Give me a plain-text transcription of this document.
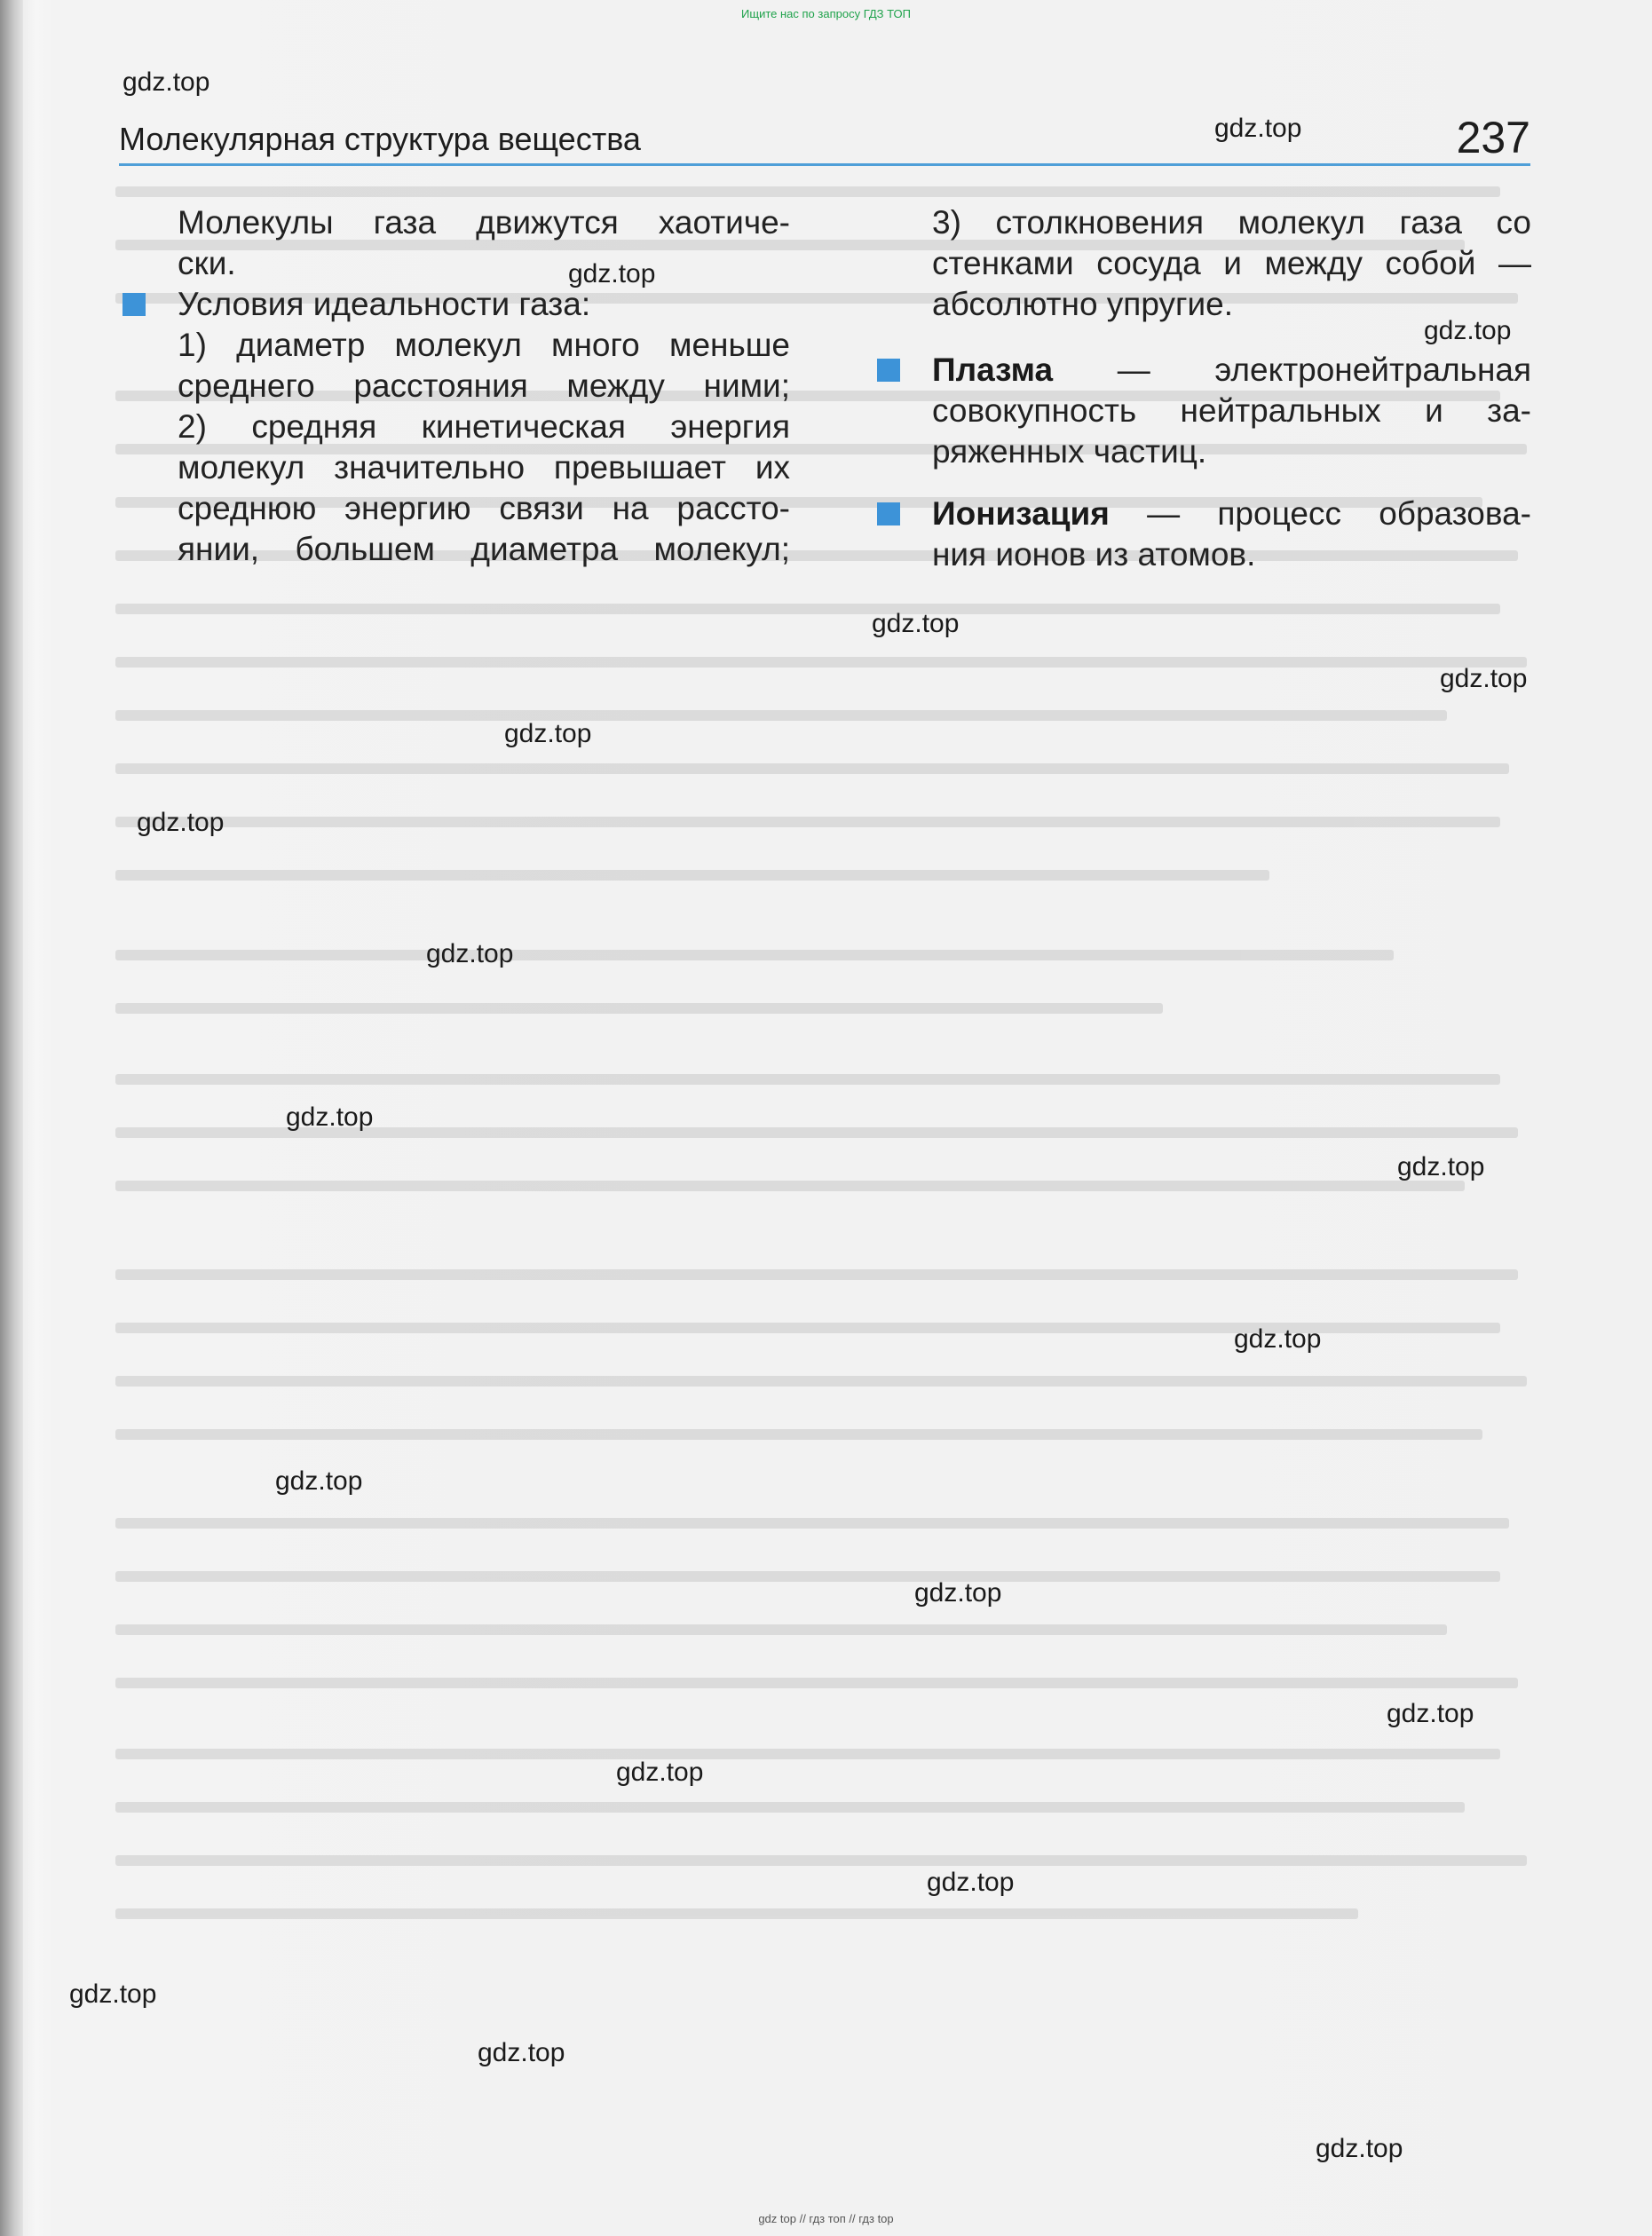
Ищите нас по запросу ГДЗ ТОП
Молекулярная структура вещества	237

Молекулы газа движутся хаотиче-

ски.

Условия идеальности газа:

1) диаметр молекул много меньше

среднего расстояния между ними;

2) средняя кинетическая энергия

молекул значительно превышает их

среднюю энергию связи на рассто-

янии, большем диаметра молекул;

3) столкновения молекул газа со

стенками сосуда и между собой —

абсолютно упругие.

Плазма — электронейтральная

совокупность нейтральных и за-

ряженных частиц.

Ионизация — процесс образова-

ния ионов из атомов.

gdz.top
gdz.top
gdz.top
gdz.top
gdz.top
gdz.top
gdz.top
gdz.top
gdz.top
gdz.top
gdz.top
gdz.top
gdz.top
gdz.top
gdz.top
gdz.top
gdz.top
gdz.top
gdz.top
gdz.top
gdz top // гдз топ // гдз top
